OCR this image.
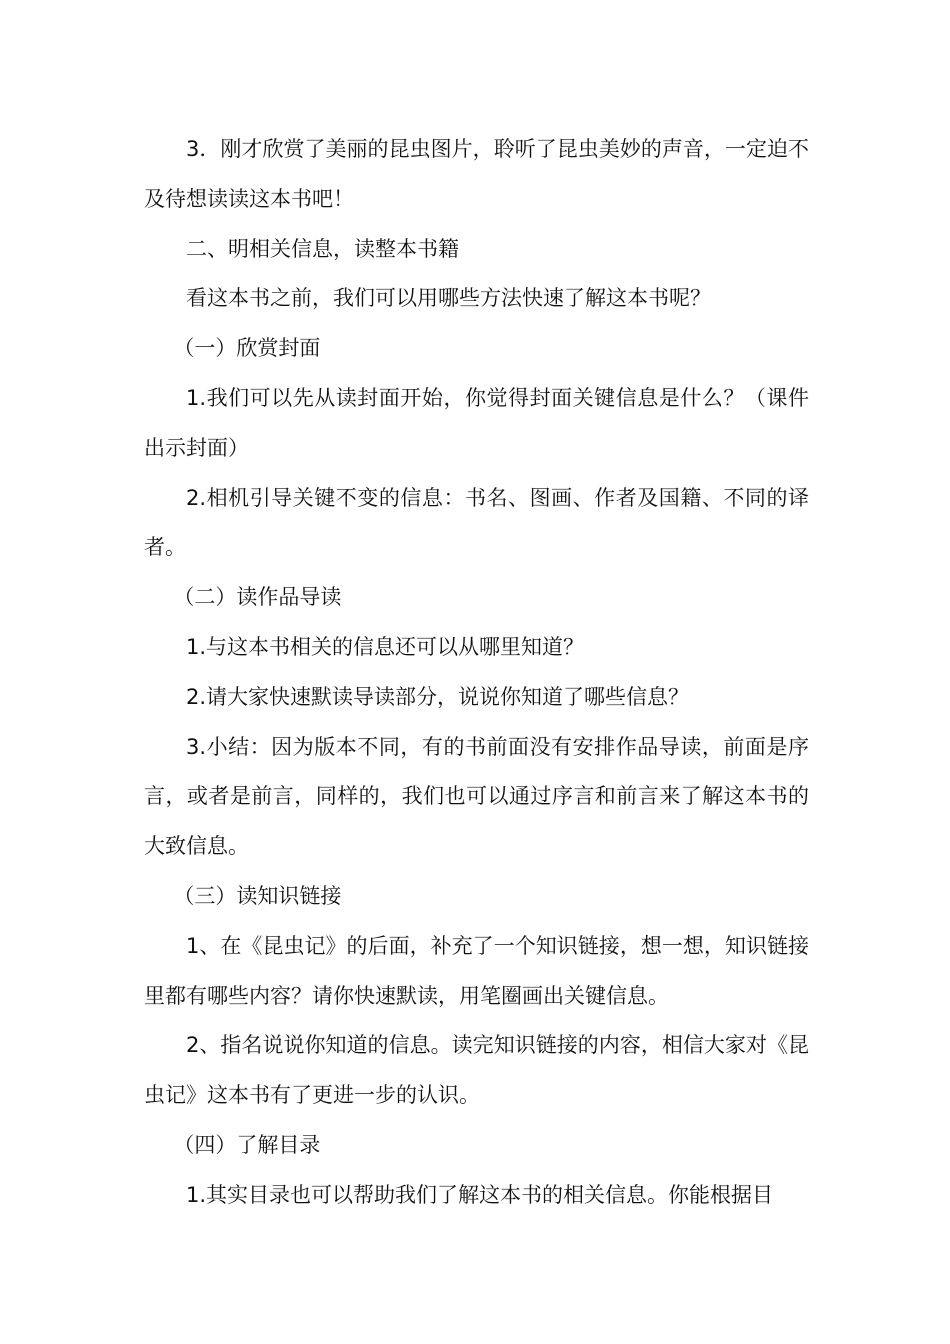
3．刚才欣赏了美丽的昆虫图片，聆听了昆虫美妙的声音，一定迫不及待想读读这本书吧！

二、明相关信息，读整本书籍

看这本书之前，我们可以用哪些方法快速了解这本书呢？

（一）欣赏封面

1.我们可以先从读封面开始，你觉得封面关键信息是什么？（课件出示封面）

2.相机引导关键不变的信息：书名、图画、作者及国籍、不同的译者。

（二）读作品导读

1.与这本书相关的信息还可以从哪里知道？

2.请大家快速默读导读部分，说说你知道了哪些信息？

3.小结：因为版本不同，有的书前面没有安排作品导读，前面是序言，或者是前言，同样的，我们也可以通过序言和前言来了解这本书的大致信息。

（三）读知识链接

1、在《昆虫记》的后面，补充了一个知识链接，想一想，知识链接里都有哪些内容？请你快速默读，用笔圈画出关键信息。

2、指名说说你知道的信息。读完知识链接的内容，相信大家对《昆虫记》这本书有了更进一步的认识。

（四）了解目录

1.其实目录也可以帮助我们了解这本书的相关信息。你能根据目
